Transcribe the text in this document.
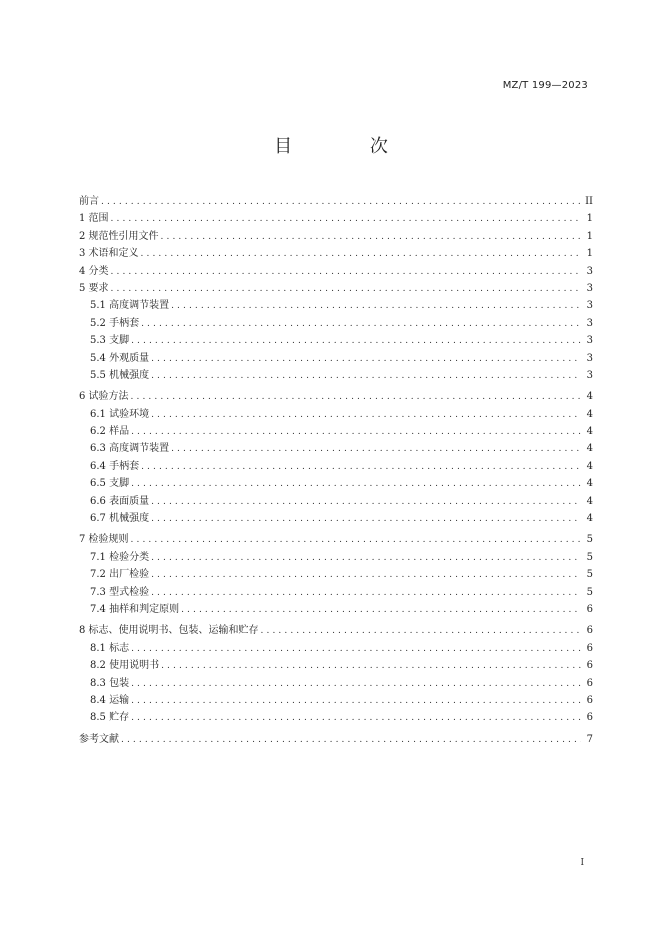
MZ/T 199—2023
目 次
前言 .....	II
1 范围 .....	1
2 规范性引用文件 .....	1
3 术语和定义 .....	1
4 分类 .....	3
5 要求 .....	3
5.1 高度调节装置 .....	3
5.2 手柄套 .....	3
5.3 支脚 .....	3
5.4 外观质量 .....	3
5.5 机械强度 .....	3
6 试验方法 .....	4
6.1 试验环境 .....	4
6.2 样品 .....	4
6.3 高度调节装置 .....	4
6.4 手柄套 .....	4
6.5 支脚 .....	4
6.6 表面质量 .....	4
6.7 机械强度 .....	4
7 检验规则 .....	5
7.1 检验分类 .....	5
7.2 出厂检验 .....	5
7.3 型式检验 .....	5
7.4 抽样和判定原则 .....	6
8 标志、使用说明书、包装、运输和贮存 .....	6
8.1 标志 .....	6
8.2 使用说明书 .....	6
8.3 包装 .....	6
8.4 运输 .....	6
8.5 贮存 .....	6
参考文献 .....	7
I
